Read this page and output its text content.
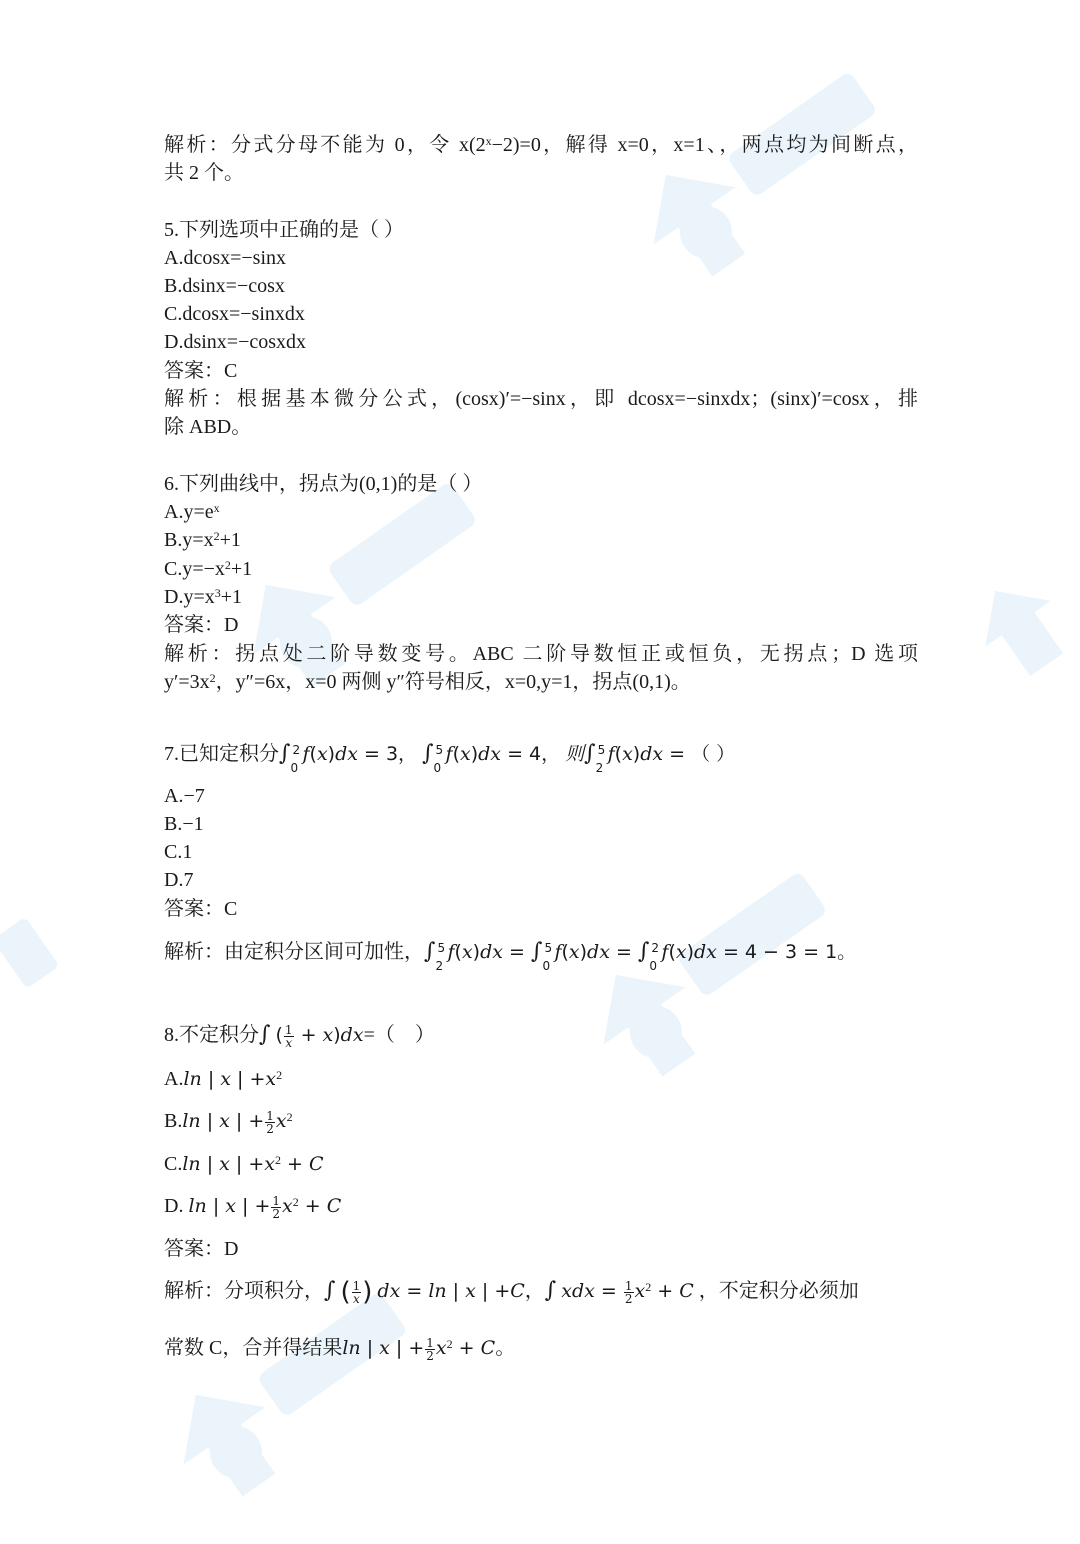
解析：分式分母不能为 0，令 $x(2^x-2)=0$，解得 x=0，x=1、，两点均为间断点，
共 2 个。
5.下列选项中正确的是（ ）
A.dcosx=−sinx
B.dsinx=−cosx
C.dcosx=−sinxdx
D.dsinx=−cosxdx
答案：C
解析：根据基本微分公式，(cosx)′=−sinx，即 dcosx=−sinxdx；(sinx)′=cosx，排
除 ABD。
6.下列曲线中，拐点为(0,1)的是（ ）
$A.y=e^x$
$B.y=x^2+1$
$C.y=-x^2+1$
$D.y=x^3+1$
答案：D
解析：拐点处二阶导数变号。ABC 二阶导数恒正或恒负，无拐点；D 选项
$y'=3x^2$，y″=6x，x=0 两侧 y″符号相反，x=0,y=1，拐点(0,1)。
7.已知定积分∫ 2
0
f(x)dx = 3， ∫ 5
0
f(x)dx = 4， 则∫ 5
2
f(x)dx = （ ）
A.−7
B.−1
C.1
D.7
答案：C
解析：由定积分区间可加性，∫ 5
2
f(x)dx = ∫ 5
0
f(x)dx = ∫ 2
0
f(x)dx = 4 − 3 = 1。
8.不定积分∫ ( $\frac{1}{x} + x)dx=$（　）
A.ln | x | $+x^2$
B.ln | x | + $\frac{1}{2} x^2$
C.ln | x | $+x^2 + C$
D. ln | x | + $\frac{1}{2} x^2 + C$
答案：D
解析：分项积分，∫ ( $\frac{1}{x}$ ) dx = ln | x | +C，∫ xdx = $\frac{1}{2} x^2 + C$ ，不定积分必须加
常数 C，合并得结果ln | x | + $\frac{1}{2} x^2 + C$。
